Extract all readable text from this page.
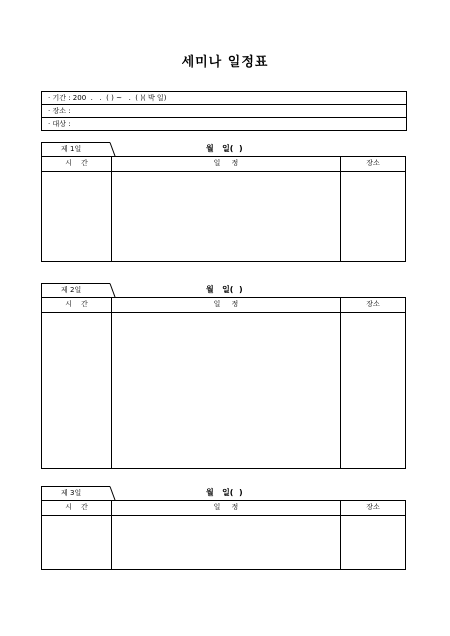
세미나 일정표
· 기간 : 200  .   .  ( ) ~   .  ( )( 박 일)
· 장소 :
· 대상 :
제 1일	월   일(  )
시    간	일     정	장소
제 2일	월   일(  )
시    간	일     정	장소
제 3일	월   일(  )
시    간	일     정	장소
